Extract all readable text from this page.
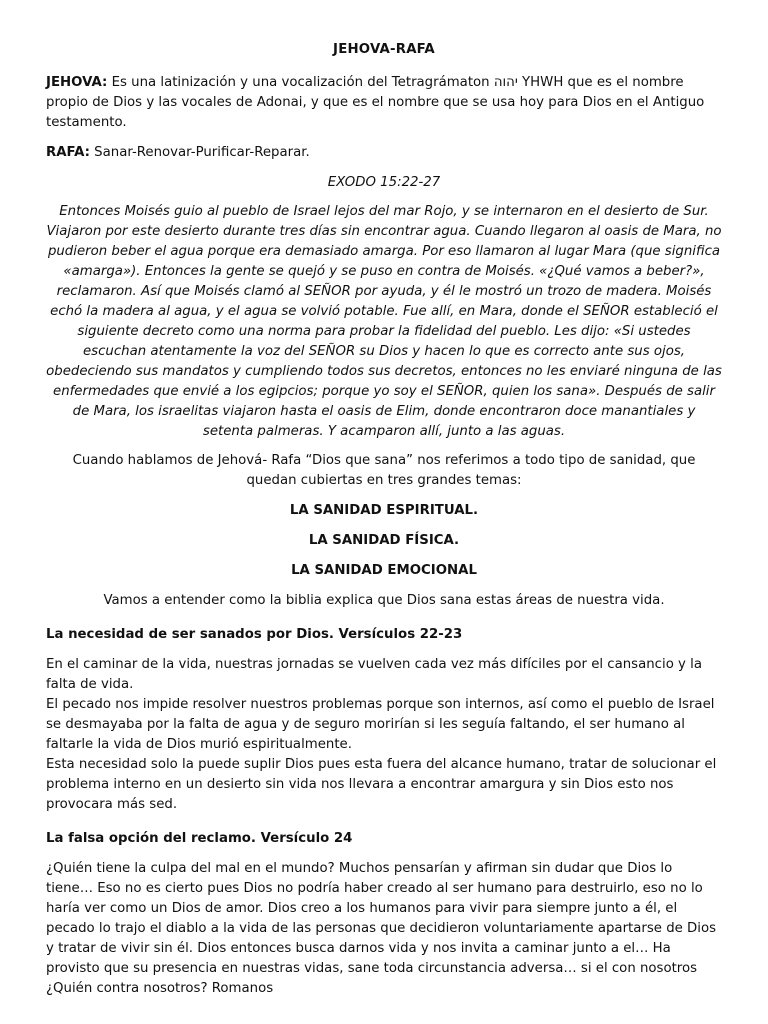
JEHOVA-RAFA

JEHOVA: Es una latinización y una vocalización del Tetragrámaton יהוה YHWH que es el nombre propio de Dios y las vocales de Adonai, y que es el nombre que se usa hoy para Dios en el Antiguo testamento.

RAFA: Sanar-Renovar-Purificar-Reparar.

EXODO 15:22-27

Entonces Moisés guio al pueblo de Israel lejos del mar Rojo, y se internaron en el desierto de Sur. Viajaron por este desierto durante tres días sin encontrar agua. Cuando llegaron al oasis de Mara, no pudieron beber el agua porque era demasiado amarga. Por eso llamaron al lugar Mara (que significa «amarga»). Entonces la gente se quejó y se puso en contra de Moisés. «¿Qué vamos a beber?», reclamaron. Así que Moisés clamó al SEÑOR por ayuda, y él le mostró un trozo de madera. Moisés echó la madera al agua, y el agua se volvió potable. Fue allí, en Mara, donde el SEÑOR estableció el siguiente decreto como una norma para probar la fidelidad del pueblo. Les dijo: «Si ustedes escuchan atentamente la voz del SEÑOR su Dios y hacen lo que es correcto ante sus ojos, obedeciendo sus mandatos y cumpliendo todos sus decretos, entonces no les enviaré ninguna de las enfermedades que envié a los egipcios; porque yo soy el SEÑOR, quien los sana». Después de salir de Mara, los israelitas viajaron hasta el oasis de Elim, donde encontraron doce manantiales y setenta palmeras. Y acamparon allí, junto a las aguas.

Cuando hablamos de Jehová- Rafa “Dios que sana” nos referimos a todo tipo de sanidad, que quedan cubiertas en tres grandes temas:

LA SANIDAD ESPIRITUAL.

LA SANIDAD FÍSICA.

LA SANIDAD EMOCIONAL

Vamos a entender como la biblia explica que Dios sana estas áreas de nuestra vida.

La necesidad de ser sanados por Dios. Versículos 22-23

En el caminar de la vida, nuestras jornadas se vuelven cada vez más difíciles por el cansancio y la falta de vida.

El pecado nos impide resolver nuestros problemas porque son internos, así como el pueblo de Israel se desmayaba por la falta de agua y de seguro morirían si les seguía faltando, el ser humano al faltarle la vida de Dios murió espiritualmente.

Esta necesidad solo la puede suplir Dios pues esta fuera del alcance humano, tratar de solucionar el problema interno en un desierto sin vida nos llevara a encontrar amargura y sin Dios esto nos provocara más sed.

La falsa opción del reclamo. Versículo 24

¿Quién tiene la culpa del mal en el mundo? Muchos pensarían y afirman sin dudar que Dios lo tiene… Eso no es cierto pues Dios no podría haber creado al ser humano para destruirlo, eso no lo haría ver como un Dios de amor. Dios creo a los humanos para vivir para siempre junto a él, el pecado lo trajo el diablo a la vida de las personas que decidieron voluntariamente apartarse de Dios y tratar de vivir sin él. Dios entonces busca darnos vida y nos invita a caminar junto a el… Ha provisto que su presencia en nuestras vidas, sane toda circunstancia adversa… si el con nosotros ¿Quién contra nosotros? Romanos
